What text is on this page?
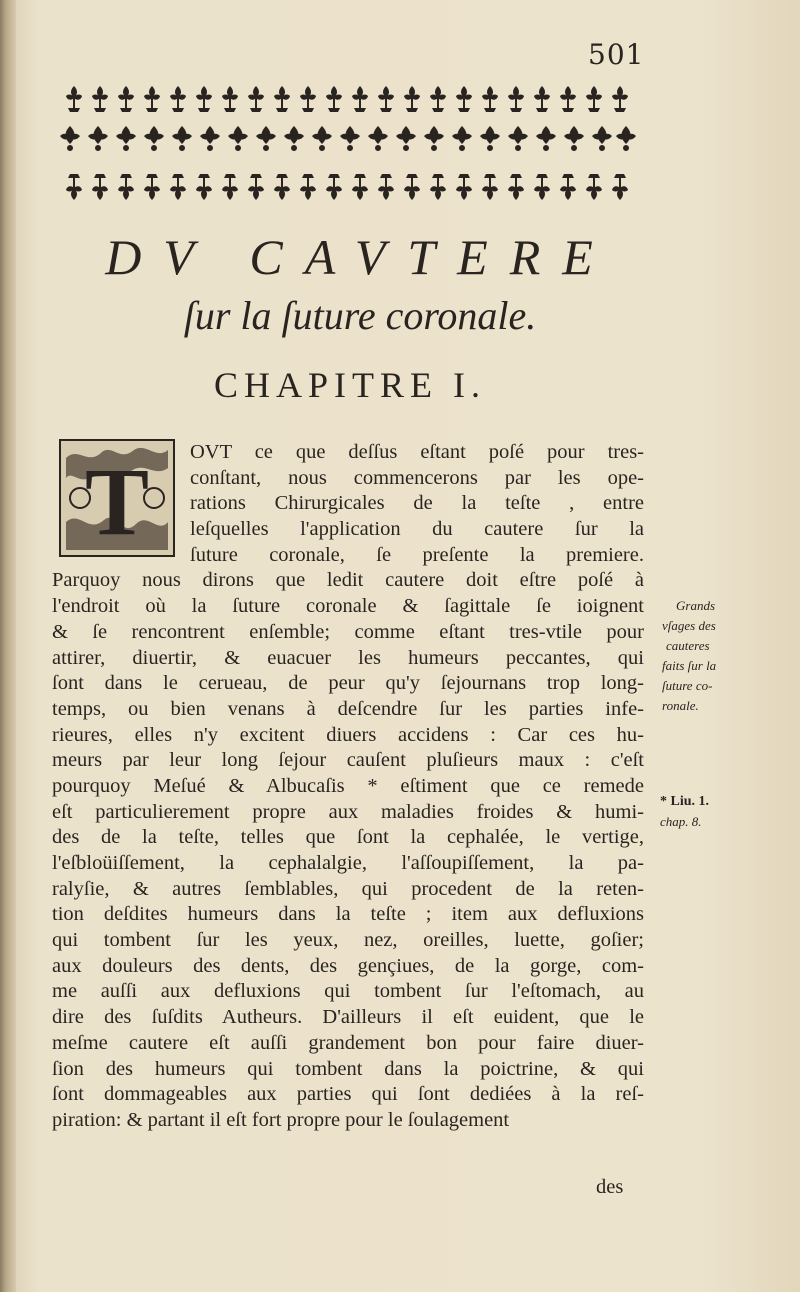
501
DV CAVTERE
ſur la ſuture coronale.
CHAPITRE I.
T	OVT ce que deſſus eſtant poſé pour tres-
conſtant, nous commencerons par les ope-
rations Chirurgicales de la teſte , entre
leſquelles l'application du cautere ſur la
ſuture coronale, ſe preſente la premiere.
Parquoy nous dirons que ledit cautere doit eſtre poſé à
l'endroit où la ſuture coronale & ſagittale ſe ioignent
& ſe rencontrent enſemble; comme eſtant tres-vtile pour
attirer, diuertir, & euacuer les humeurs peccantes, qui
ſont dans le cerueau, de peur qu'y ſejournans trop long-
temps, ou bien venans à deſcendre ſur les parties infe-
rieures, elles n'y excitent diuers accidens : Car ces hu-
meurs par leur long ſejour cauſent pluſieurs maux : c'eſt
pourquoy Meſué & Albucaſis * eſtiment que ce remede
eſt particulierement propre aux maladies froides & humi-
des de la teſte, telles que ſont la cephalée, le vertige,
l'eſbloüiſſement, la cephalalgie, l'aſſoupiſſement, la pa-
ralyſie, & autres ſemblables, qui procedent de la reten-
tion deſdites humeurs dans la teſte ; item aux defluxions
qui tombent ſur les yeux, nez, oreilles, luette, goſier;
aux douleurs des dents, des gençiues, de la gorge, com-
me auſſi aux defluxions qui tombent ſur l'eſtomach, au
dire des ſuſdits Autheurs. D'ailleurs il eſt euident, que le
meſme cautere eſt auſſi grandement bon pour faire diuer-
ſion des humeurs qui tombent dans la poictrine, & qui
ſont dommageables aux parties qui ſont dediées à la reſ-
piration: & partant il eſt fort propre pour le ſoulagement
des
Grands
vſages des
cauteres
faits ſur la
ſuture co-
ronale.
* Liu. 1.
chap. 8.
